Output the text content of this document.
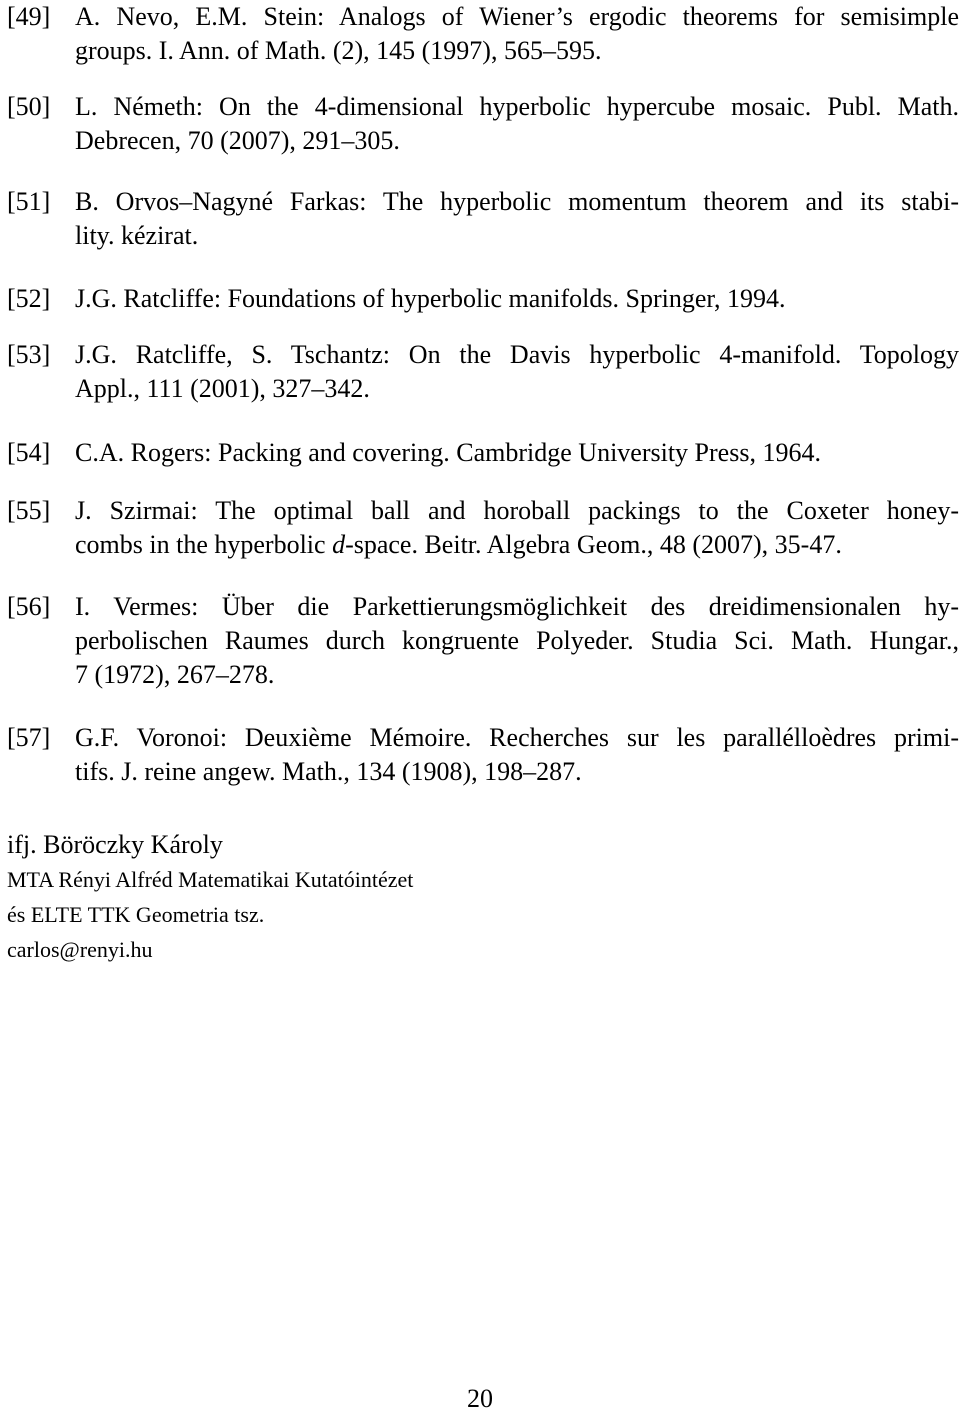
[49] A. Nevo, E.M. Stein: Analogs of Wiener’s ergodic theorems for semisimple
groups. I. Ann. of Math. (2), 145 (1997), 565–595.
[50] L. Németh: On the 4-dimensional hyperbolic hypercube mosaic. Publ. Math.
Debrecen, 70 (2007), 291–305.
[51] B. Orvos–Nagyné Farkas: The hyperbolic momentum theorem and its stabi-
lity. kézirat.
[52] J.G. Ratcliffe: Foundations of hyperbolic manifolds. Springer, 1994.
[53] J.G. Ratcliffe, S. Tschantz: On the Davis hyperbolic 4-manifold. Topology
Appl., 111 (2001), 327–342.
[54] C.A. Rogers: Packing and covering. Cambridge University Press, 1964.
[55] J. Szirmai: The optimal ball and horoball packings to the Coxeter honey-
combs in the hyperbolic d-space. Beitr. Algebra Geom., 48 (2007), 35-47.
[56] I. Vermes: Über die Parkettierungsmöglichkeit des dreidimensionalen hy-
perbolischen Raumes durch kongruente Polyeder. Studia Sci. Math. Hungar.,
7 (1972), 267–278.
[57] G.F. Voronoi: Deuxième Mémoire. Recherches sur les parallélloèdres primi-
tifs. J. reine angew. Math., 134 (1908), 198–287.
ifj. Böröczky Károly
MTA Rényi Alfréd Matematikai Kutatóintézet
és ELTE TTK Geometria tsz.
carlos@renyi.hu
20
